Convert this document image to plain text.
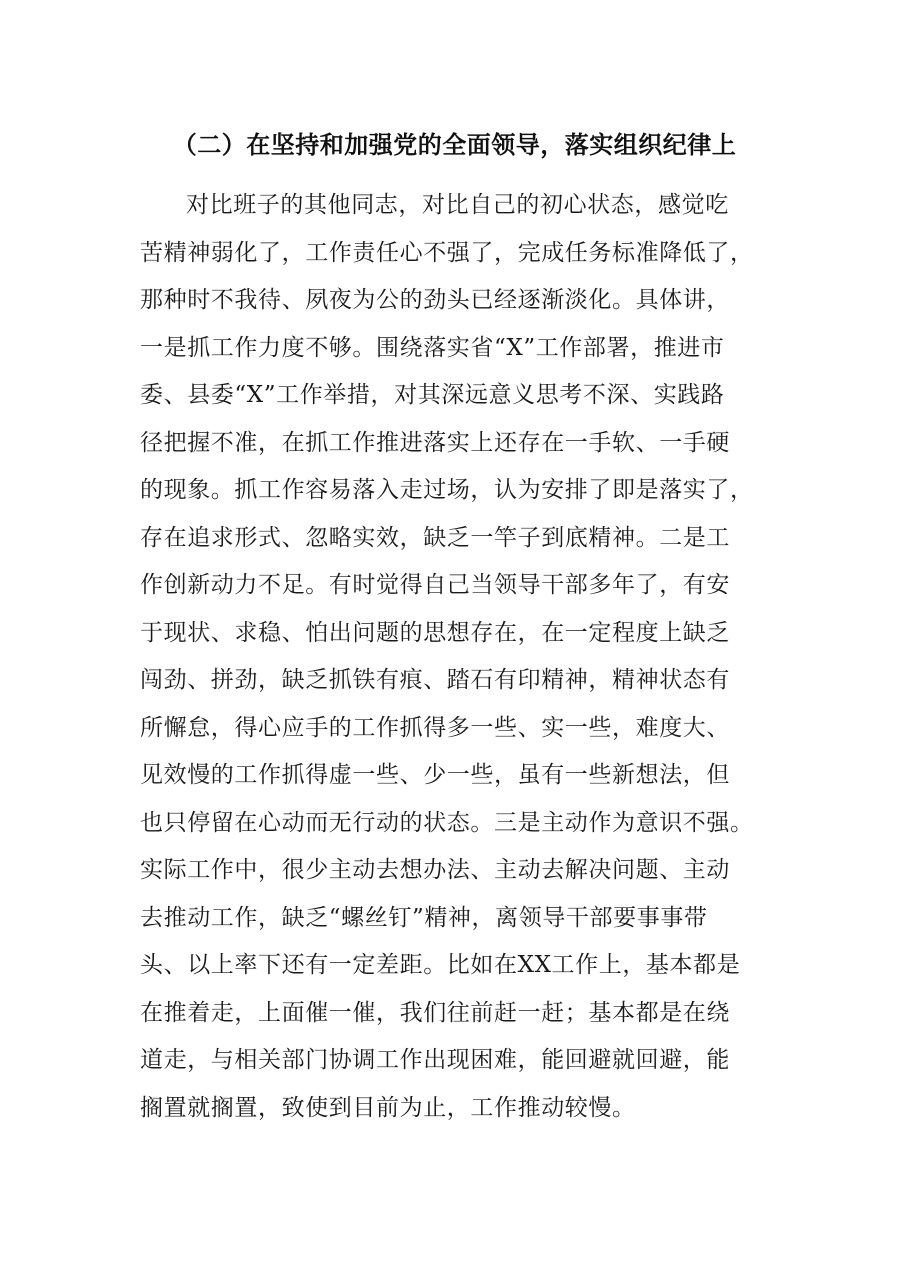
（二）在坚持和加强党的全面领导，落实组织纪律上
对比班子的其他同志，对比自己的初心状态，感觉吃
苦精神弱化了，工作责任心不强了，完成任务标准降低了，
那种时不我待、夙夜为公的劲头已经逐渐淡化。具体讲，
一是抓工作力度不够。围绕落实省“X”工作部署，推进市
委、县委“X”工作举措，对其深远意义思考不深、实践路
径把握不准，在抓工作推进落实上还存在一手软、一手硬
的现象。抓工作容易落入走过场，认为安排了即是落实了，
存在追求形式、忽略实效，缺乏一竿子到底精神。二是工
作创新动力不足。有时觉得自己当领导干部多年了，有安
于现状、求稳、怕出问题的思想存在，在一定程度上缺乏
闯劲、拼劲，缺乏抓铁有痕、踏石有印精神，精神状态有
所懈怠，得心应手的工作抓得多一些、实一些，难度大、
见效慢的工作抓得虚一些、少一些，虽有一些新想法，但
也只停留在心动而无行动的状态。三是主动作为意识不强。
实际工作中，很少主动去想办法、主动去解决问题、主动
去推动工作，缺乏“螺丝钉”精神，离领导干部要事事带
头、以上率下还有一定差距。比如在XX工作上，基本都是
在推着走，上面催一催，我们往前赶一赶；基本都是在绕
道走，与相关部门协调工作出现困难，能回避就回避，能
搁置就搁置，致使到目前为止，工作推动较慢。
